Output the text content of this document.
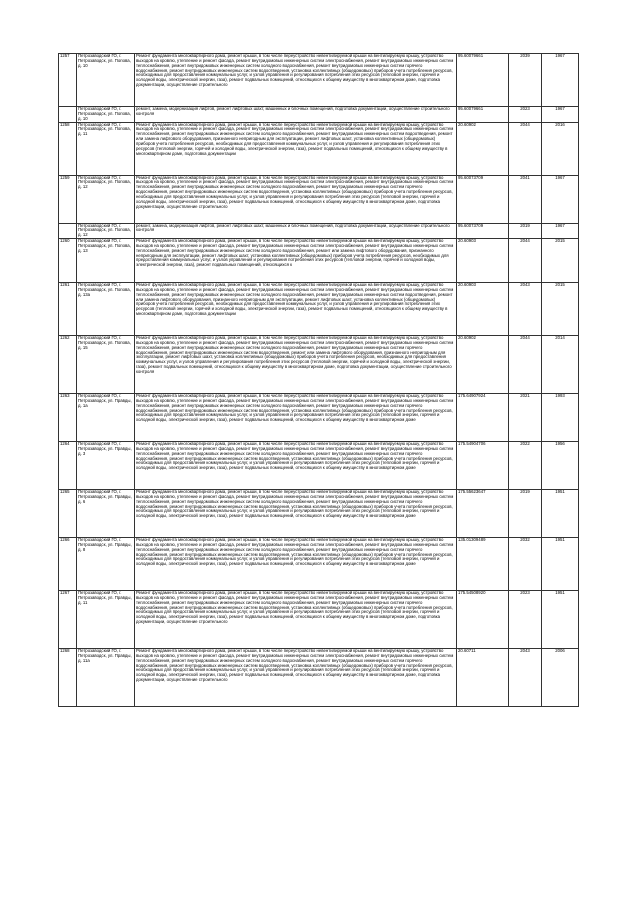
1257	Петрозаводский ГО, г. Петрозаводск, ул. Попова, д. 10	Ремонт фундамента многоквартирного дома, ремонт крыши, в том числе переустройство невентилируемой крыши на вентилируемую крышу, устройство выходов на кровлю, утепление и ремонт фасада, ремонт внутридомовых инженерных систем электроснабжения, ремонт внутридомовых инженерных систем теплоснабжения, ремонт внутридомовых инженерных систем холодного водоснабжения, ремонт внутридомовых инженерных систем горячего водоснабжения, ремонт внутридомовых инженерных систем водоотведения, установка коллективных (общедомовых) приборов учета потребления ресурсов, необходимых для предоставления коммунальных услуг, и узлов управления и регулирования потребления этих ресурсов (тепловой энергии, горячей и холодной воды, электрической энергии, газа), ремонт подвальных помещений, относящихся к общему имуществу в многоквартирном доме, подготовка документации, осуществление строительного	95.60079661	2039	1967
	Петрозаводский ГО, г. Петрозаводск, ул. Попова, д. 10	ремонт, замена, модернизация лифтов, ремонт лифтовых шахт, машинных и блочных помещений, подготовка документации, осуществление строительного контроля	95.60079661	2023	1967
1258	Петрозаводский ГО, г. Петрозаводск, ул. Попова, д. 11	Ремонт фундамента многоквартирного дома, ремонт крыши, в том числе переустройство невентилируемой крыши на вентилируемую крышу, устройство выходов на кровлю, утепление и ремонт фасада, ремонт внутридомовых инженерных систем электроснабжения, ремонт внутридомовых инженерных систем теплоснабжения, ремонт внутридомовых инженерных систем холодного водоснабжения, ремонт внутридомовых инженерных систем водоотведения, ремонт или замена лифтового оборудования, признанного непригодным для эксплуатации, ремонт лифтовых шахт, установка коллективных (общедомовых) приборов учета потребления ресурсов, необходимых для предоставления коммунальных услуг, и узлов управления и регулирования потребления этих ресурсов (тепловой энергии, горячей и холодной воды, электрической энергии, газа), ремонт подвальных помещений, относящихся к общему имуществу в многоквартирном доме, подготовка документации	20.60902	2044	2016
1259	Петрозаводский ГО, г. Петрозаводск, ул. Попова, д. 12	Ремонт фундамента многоквартирного дома, ремонт крыши, в том числе переустройство невентилируемой крыши на вентилируемую крышу, устройство выходов на кровлю, утепление и ремонт фасада, ремонт внутридомовых инженерных систем электроснабжения, ремонт внутридомовых инженерных систем теплоснабжения, ремонт внутридомовых инженерных систем холодного водоснабжения, ремонт внутридомовых инженерных систем горячего водоснабжения, ремонт внутридомовых инженерных систем водоотведения, установка коллективных (общедомовых) приборов учета потребления ресурсов, необходимых для предоставления коммунальных услуг, и узлов управления и регулирования потребления этих ресурсов (тепловой энергии, горячей и холодной воды, электрической энергии, газа), ремонт подвальных помещений, относящихся к общему имуществу в многоквартирном доме, подготовка документации, осуществление строительного	95.60073709	2041	1967
	Петрозаводский ГО, г. Петрозаводск, ул. Попова, д. 12	ремонт, замена, модернизация лифтов, ремонт лифтовых шахт, машинных и блочных помещений, подготовка документации, осуществление строительного контроля	95.60073709	2019	1967
1260	Петрозаводский ГО, г. Петрозаводск, ул. Попова, д. 13	Ремонт фундамента многоквартирного дома, ремонт крыши, в том числе переустройство невентилируемой крыши на вентилируемую крышу, устройство выходов на кровлю, утепление и ремонт фасада, ремонт внутридомовых инженерных систем электроснабжения, ремонт внутридомовых инженерных систем теплоснабжения, ремонт внутридомовых инженерных систем холодного водоснабжения, ремонт или замена лифтового оборудования, признанного непригодным для эксплуатации, ремонт лифтовых шахт, установка коллективных (общедомовых) приборов учета потребления ресурсов, необходимых для предоставления коммунальных услуг, и узлов управления и регулирования потребления этих ресурсов (тепловой энергии, горячей и холодной воды, электрической энергии, газа), ремонт подвальных помещений, относящихся к	20.60903	2044	2015
1261	Петрозаводский ГО, г. Петрозаводск, ул. Попова, д. 13а	Ремонт фундамента многоквартирного дома, ремонт крыши, в том числе переустройство невентилируемой крыши на вентилируемую крышу, устройство выходов на кровлю, утепление и ремонт фасада, ремонт внутридомовых инженерных систем электроснабжения, ремонт внутридомовых инженерных систем теплоснабжения, ремонт внутридомовых инженерных систем холодного водоснабжения, ремонт внутридомовых инженерных систем водоотведения, ремонт или замена лифтового оборудования, признанного непригодным для эксплуатации, ремонт лифтовых шахт, установка коллективных (общедомовых) приборов учета потребления ресурсов, необходимых для предоставления коммунальных услуг, и узлов управления и регулирования потребления этих ресурсов (тепловой энергии, горячей и холодной воды, электрической энергии, газа), ремонт подвальных помещений, относящихся к общему имуществу в многоквартирном доме, подготовка документации	20.60903	2043	2015
1262	Петрозаводский ГО, г. Петрозаводск, ул. Попова, д. 15	Ремонт фундамента многоквартирного дома, ремонт крыши, в том числе переустройство невентилируемой крыши на вентилируемую крышу, устройство выходов на кровлю, утепление и ремонт фасада, ремонт внутридомовых инженерных систем электроснабжения, ремонт внутридомовых инженерных систем теплоснабжения, ремонт внутридомовых инженерных систем холодного водоснабжения, ремонт внутридомовых инженерных систем горячего водоснабжения, ремонт внутридомовых инженерных систем водоотведения, ремонт или замена лифтового оборудования, признанного непригодным для эксплуатации, ремонт лифтовых шахт, установка коллективных (общедомовых) приборов учета потребления ресурсов, необходимых для предоставления коммунальных услуг, и узлов управления и регулирования потребления этих ресурсов (тепловой энергии, горячей и холодной воды, электрической энергии, газа), ремонт подвальных помещений, относящихся к общему имуществу в многоквартирном доме, подготовка документации, осуществление строительного контроля	20.60902	2044	2014
1263	Петрозаводский ГО, г. Петрозаводск, ул. Правды, д. 1а	Ремонт фундамента многоквартирного дома, ремонт крыши, в том числе переустройство невентилируемой крыши на вентилируемую крышу, устройство выходов на кровлю, утепление и ремонт фасада, ремонт внутридомовых инженерных систем электроснабжения, ремонт внутридомовых инженерных систем теплоснабжения, ремонт внутридомовых инженерных систем холодного водоснабжения, ремонт внутридомовых инженерных систем горячего водоснабжения, ремонт внутридомовых инженерных систем водоотведения, установка коллективных (общедомовых) приборов учета потребления ресурсов, необходимых для предоставления коммунальных услуг, и узлов управления и регулирования потребления этих ресурсов (тепловой энергии, горячей и холодной воды, электрической энергии, газа), ремонт подвальных помещений, относящихся к общему имуществу в многоквартирном доме	175.64907924	2021	1993
1264	Петрозаводский ГО, г. Петрозаводск, ул. Правды, д. 3	Ремонт фундамента многоквартирного дома, ремонт крыши, в том числе переустройство невентилируемой крыши на вентилируемую крышу, устройство выходов на кровлю, утепление и ремонт фасада, ремонт внутридомовых инженерных систем электроснабжения, ремонт внутридомовых инженерных систем теплоснабжения, ремонт внутридомовых инженерных систем холодного водоснабжения, ремонт внутридомовых инженерных систем горячего водоснабжения, ремонт внутридомовых инженерных систем водоотведения, установка коллективных (общедомовых) приборов учета потребления ресурсов, необходимых для предоставления коммунальных услуг, и узлов управления и регулирования потребления этих ресурсов (тепловой энергии, горячей и холодной воды, электрической энергии, газа), ремонт подвальных помещений, относящихся к общему имуществу в многоквартирном доме	175.54904706	2022	1956
1265	Петрозаводский ГО, г. Петрозаводск, ул. Правды, д. 6	Ремонт фундамента многоквартирного дома, ремонт крыши, в том числе переустройство невентилируемой крыши на вентилируемую крышу, устройство выходов на кровлю, утепление и ремонт фасада, ремонт внутридомовых инженерных систем электроснабжения, ремонт внутридомовых инженерных систем теплоснабжения, ремонт внутридомовых инженерных систем холодного водоснабжения, ремонт внутридомовых инженерных систем горячего водоснабжения, ремонт внутридомовых инженерных систем водоотведения, установка коллективных (общедомовых) приборов учета потребления ресурсов, необходимых для предоставления коммунальных услуг, и узлов управления и регулирования потребления этих ресурсов (тепловой энергии, горячей и холодной воды, электрической энергии, газа), ремонт подвальных помещений, относящихся к общему имуществу в многоквартирном доме	175.55623647	2019	1951
1266	Петрозаводский ГО, г. Петрозаводск, ул. Правды, д. 8	Ремонт фундамента многоквартирного дома, ремонт крыши, в том числе переустройство невентилируемой крыши на вентилируемую крышу, устройство выходов на кровлю, утепление и ремонт фасада, ремонт внутридомовых инженерных систем электроснабжения, ремонт внутридомовых инженерных систем теплоснабжения, ремонт внутридомовых инженерных систем холодного водоснабжения, ремонт внутридомовых инженерных систем горячего водоснабжения, ремонт внутридомовых инженерных систем водоотведения, установка коллективных (общедомовых) приборов учета потребления ресурсов, необходимых для предоставления коммунальных услуг, и узлов управления и регулирования потребления этих ресурсов (тепловой энергии, горячей и холодной воды, электрической энергии, газа), ремонт подвальных помещений, относящихся к общему имуществу в многоквартирном доме	135.01309489	2032	1951
1267	Петрозаводский ГО, г. Петрозаводск, ул. Правды, д. 11	Ремонт фундамента многоквартирного дома, ремонт крыши, в том числе переустройство невентилируемой крыши на вентилируемую крышу, устройство выходов на кровлю, утепление и ремонт фасада, ремонт внутридомовых инженерных систем электроснабжения, ремонт внутридомовых инженерных систем теплоснабжения, ремонт внутридомовых инженерных систем холодного водоснабжения, ремонт внутридомовых инженерных систем горячего водоснабжения, ремонт внутридомовых инженерных систем водоотведения, установка коллективных (общедомовых) приборов учета потребления ресурсов, необходимых для предоставления коммунальных услуг, и узлов управления и регулирования потребления этих ресурсов (тепловой энергии, горячей и холодной воды, электрической энергии, газа), ремонт подвальных помещений, относящихся к общему имуществу в многоквартирном доме, подготовка документации, осуществление строительного	175.54508920	2023	1951
1268	Петрозаводский ГО, г. Петрозаводск, ул. Правды, д. 11а	Ремонт фундамента многоквартирного дома, ремонт крыши, в том числе переустройство невентилируемой крыши на вентилируемую крышу, устройство выходов на кровлю, утепление и ремонт фасада, ремонт внутридомовых инженерных систем электроснабжения, ремонт внутридомовых инженерных систем теплоснабжения, ремонт внутридомовых инженерных систем холодного водоснабжения, ремонт внутридомовых инженерных систем горячего водоснабжения, ремонт внутридомовых инженерных систем водоотведения, установка коллективных (общедомовых) приборов учета потребления ресурсов, необходимых для предоставления коммунальных услуг, и узлов управления и регулирования потребления этих ресурсов (тепловой энергии, горячей и холодной воды, электрической энергии, газа), ремонт подвальных помещений, относящихся к общему имуществу в многоквартирном доме, подготовка документации, осуществление строительного	20.60711	2043	2006
